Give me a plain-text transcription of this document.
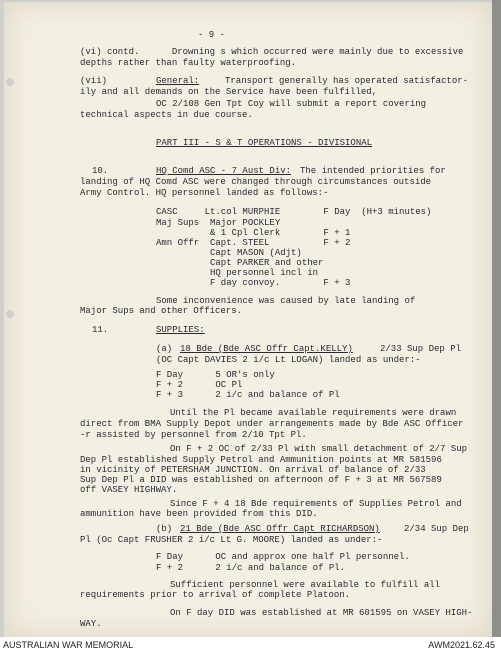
- 9 -
(vi) contd.      Drowning s which occurred were mainly due to excessive
depths rather than faulty waterproofing.
(vii)	General:	Transport generally has operated satisfactor-
ily and all demands on the Service have been fulfilled,
OC 2/108 Gen Tpt Coy will submit a report covering
technical aspects in due course.
PART III - S & T OPERATIONS - DIVISIONAL
10.	HQ Comd ASC - 7 Aust Div: The intended priorities for
landing of HQ Comd ASC were changed through circumstances outside
Army Control. HQ personnel landed as follows:-
CASC     Lt.col MURPHIE        F Day  (H+3 minutes)
Maj Sups  Major POCKLEY
& 1 Cpl Clerk        F + 1
Amn Offr  Capt. STEEL          F + 2
Capt MASON (Adjt)
Capt PARKER and other
HQ personnel incl in
F day convoy.        F + 3
Some inconvenience was caused by late landing of
Major Sups and other Officers.
11.	SUPPLIES:
(a) 18 Bde (Bde ASC Offr Capt.KELLY)	2/33 Sup Dep Pl
(OC Capt DAVIES 2 i/c Lt LOGAN) landed as under:-
F Day      5 OR's only
F + 2      OC Pl
F + 3      2 i/c and balance of Pl
Until the Pl became available requirements were drawn
direct from BMA Supply Depot under arrangements made by Bde ASC Officer
-r assisted by personnel from 2/10 Tpt Pl.
On F + 2 OC of 2/33 Pl with small detachment of 2/7 Sup
Dep Pl established Supply Petrol and Ammunition points at MR 581596
in vicinity of PETERSHAM JUNCTION. On arrival of balance of 2/33
Sup Dep Pl a DID was established on afternoon of F + 3 at MR 567589
off VASEY HIGHWAY.
Since F + 4 18 Bde requirements of Supplies Petrol and
ammunition have been provided from this DID.
(b) 21 Bde (Bde ASC Offr Capt RICHARDSON)	2/34 Sup Dep
Pl (Oc Capt FRUSHER 2 i/c Lt G. MOORE) landed as under:-
F Day      OC and approx one half Pl personnel.
F + 2      2 i/c and balance of Pl.
Sufficient personnel were available to fulfill all
requirements prior to arrival of complete Platoon.
On F day DID was established at MR 601595 on VASEY HIGH-
WAY.
AUSTRALIAN WAR MEMORIAL	AWM2021.62.45
